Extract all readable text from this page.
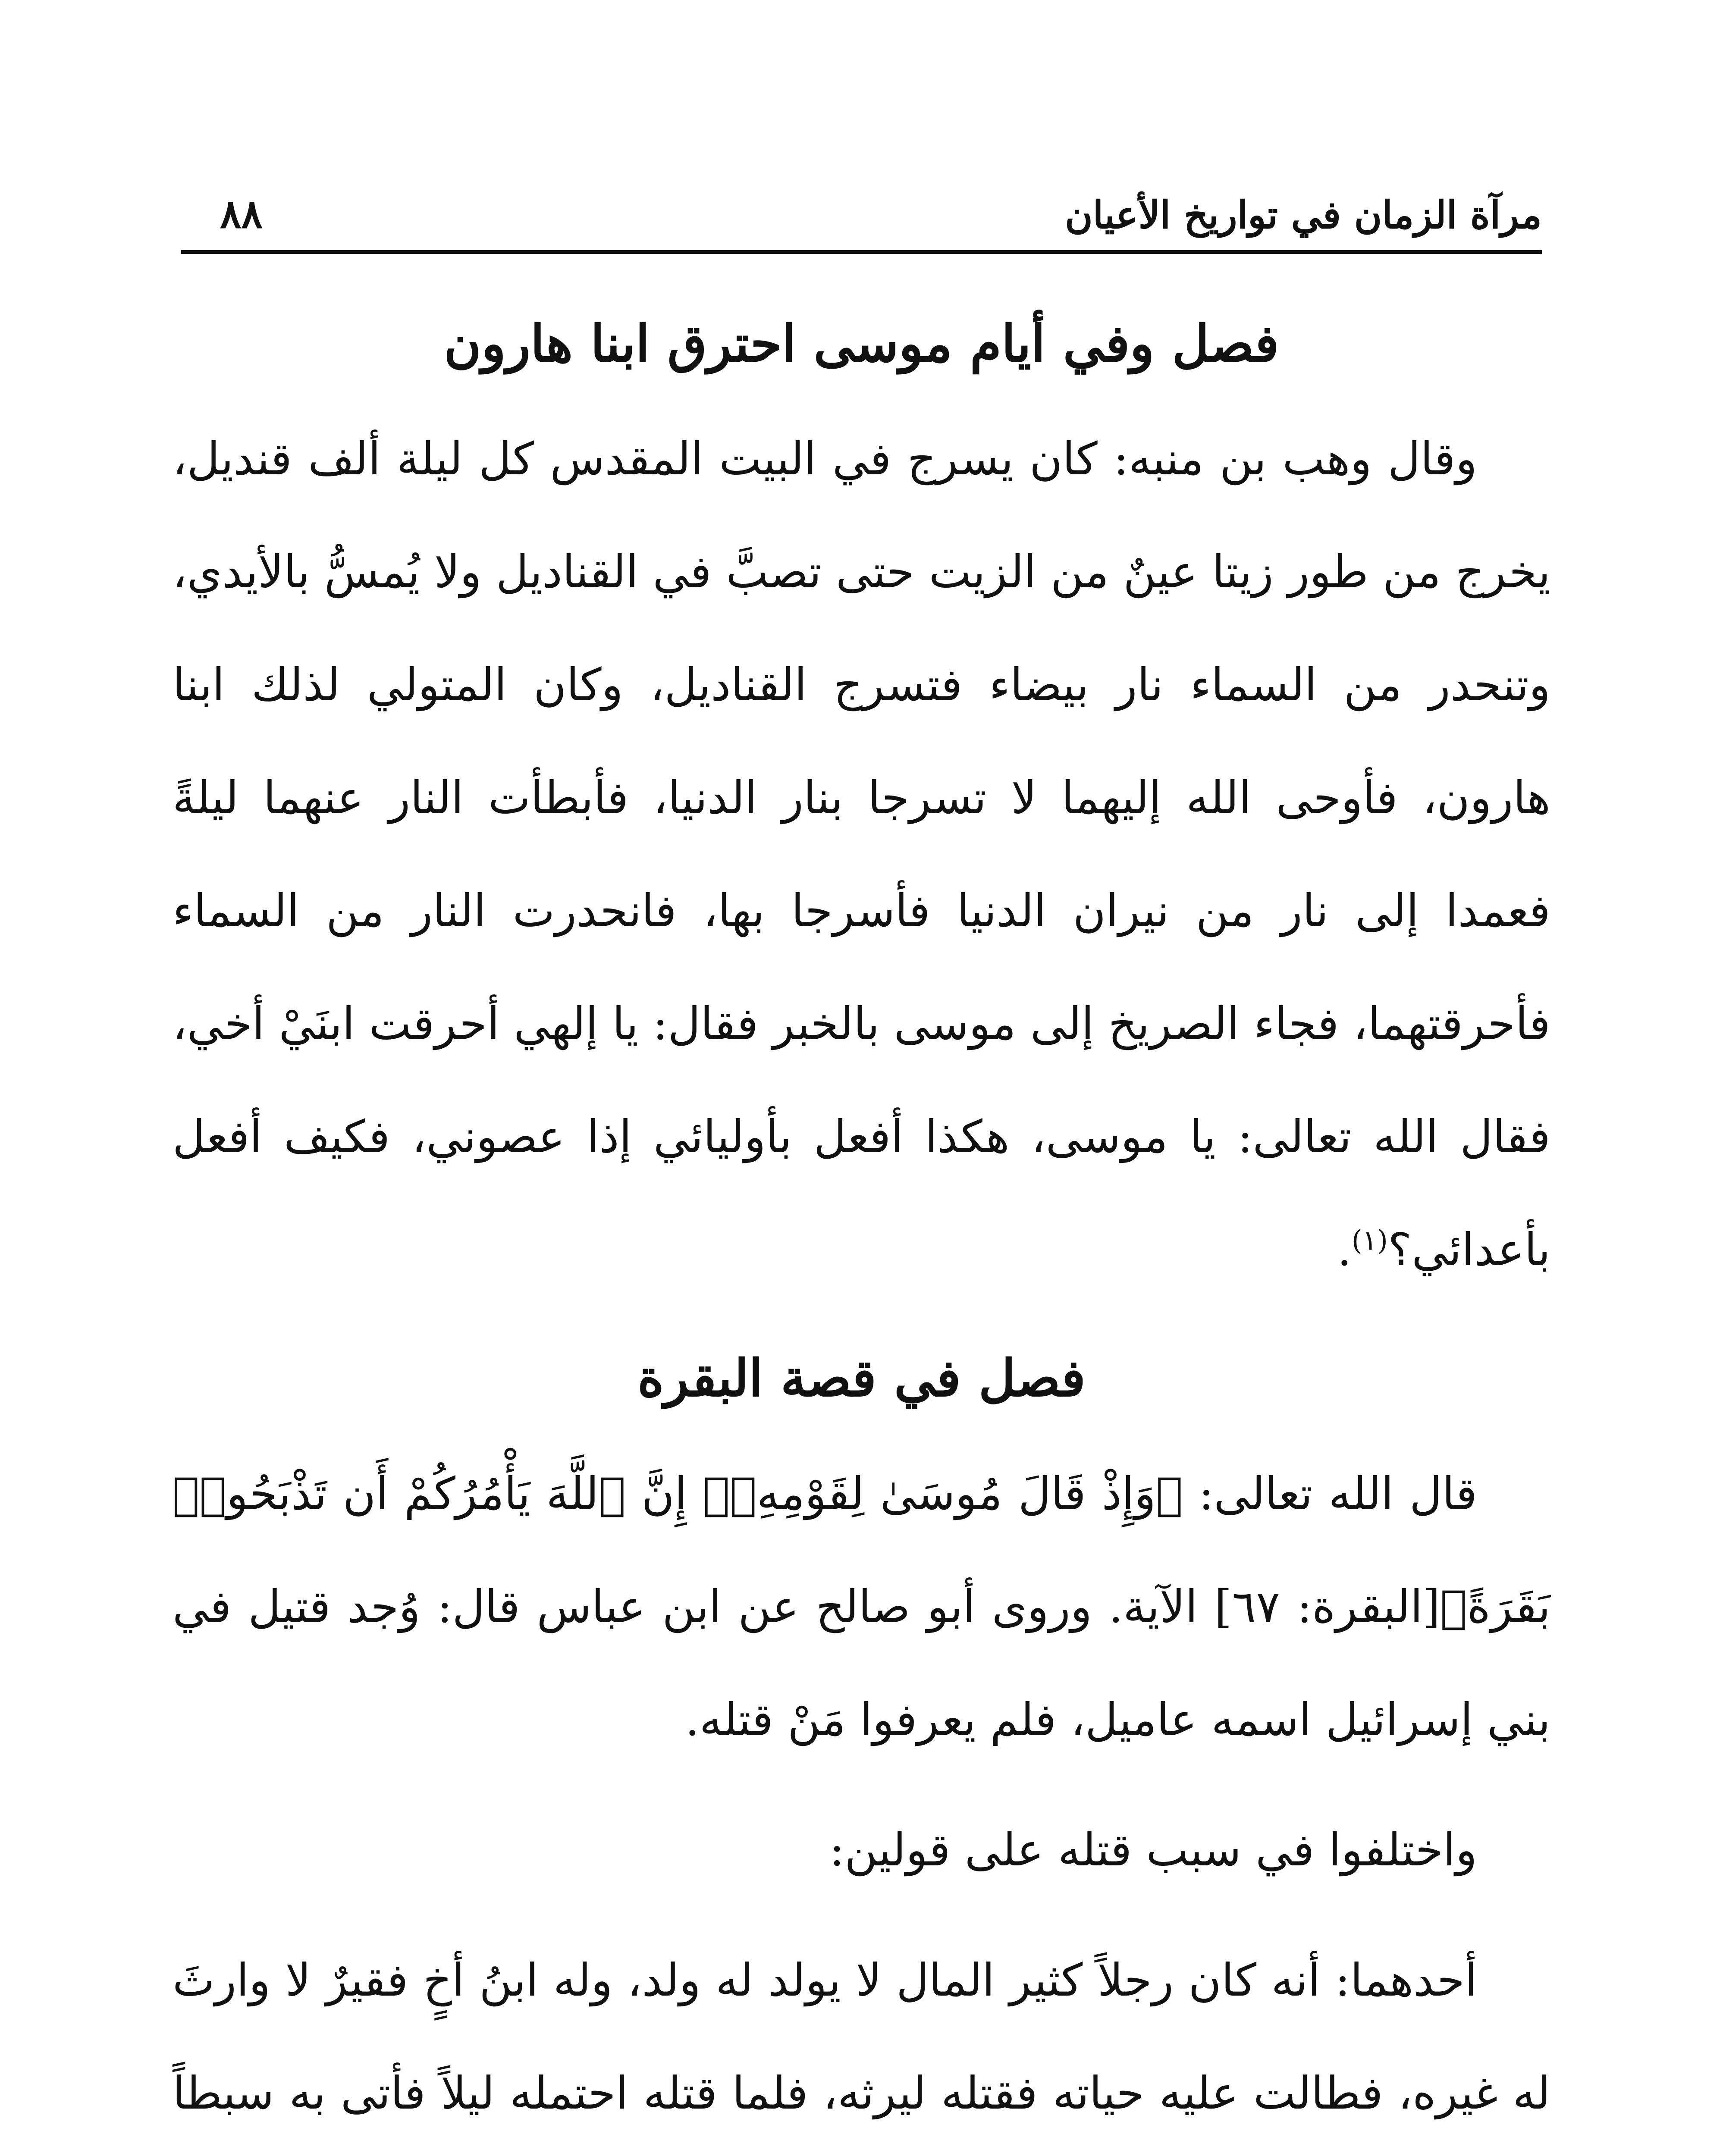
مرآة الزمان في تواريخ الأعيان
٨٨
فصل وفي أيام موسى احترق ابنا هارون

وقال وهب بن منبه: كان يسرج في البيت المقدس كل ليلة ألف قنديل، يخرج من طور زيتا عينٌ من الزيت حتى تصبَّ في القناديل ولا يُمسُّ بالأيدي، وتنحدر من السماء نار بيضاء فتسرج القناديل، وكان المتولي لذلك ابنا هارون، فأوحى الله إليهما لا تسرجا بنار الدنيا، فأبطأت النار عنهما ليلةً فعمدا إلى نار من نيران الدنيا فأسرجا بها، فانحدرت النار من السماء فأحرقتهما، فجاء الصريخ إلى موسى بالخبر فقال: يا إلهي أحرقت ابنَيْ أخي، فقال الله تعالى: يا موسى، هكذا أفعل بأوليائي إذا عصوني، فكيف أفعل بأعدائي؟$^{(١)}$.

فصل في قصة البقرة

قال الله تعالى: ﴿وَإِذْ قَالَ مُوسَىٰ لِقَوْمِهِۦٓ إِنَّ ٱللَّهَ يَأْمُرُكُمْ أَن تَذْبَحُوا۟ بَقَرَةً﴾[البقرة: ٦٧] الآية. وروى أبو صالح عن ابن عباس قال: وُجد قتيل في بني إسرائيل اسمه عاميل، فلم يعرفوا مَنْ قتله.

واختلفوا في سبب قتله على قولين:

أحدهما: أنه كان رجلاً كثير المال لا يولد له ولد، وله ابنُ أخٍ فقيرٌ لا وارثَ له غيره، فطالت عليه حياته فقتله ليرثه، فلما قتله احتمله ليلاً فأتى به سبطاً
